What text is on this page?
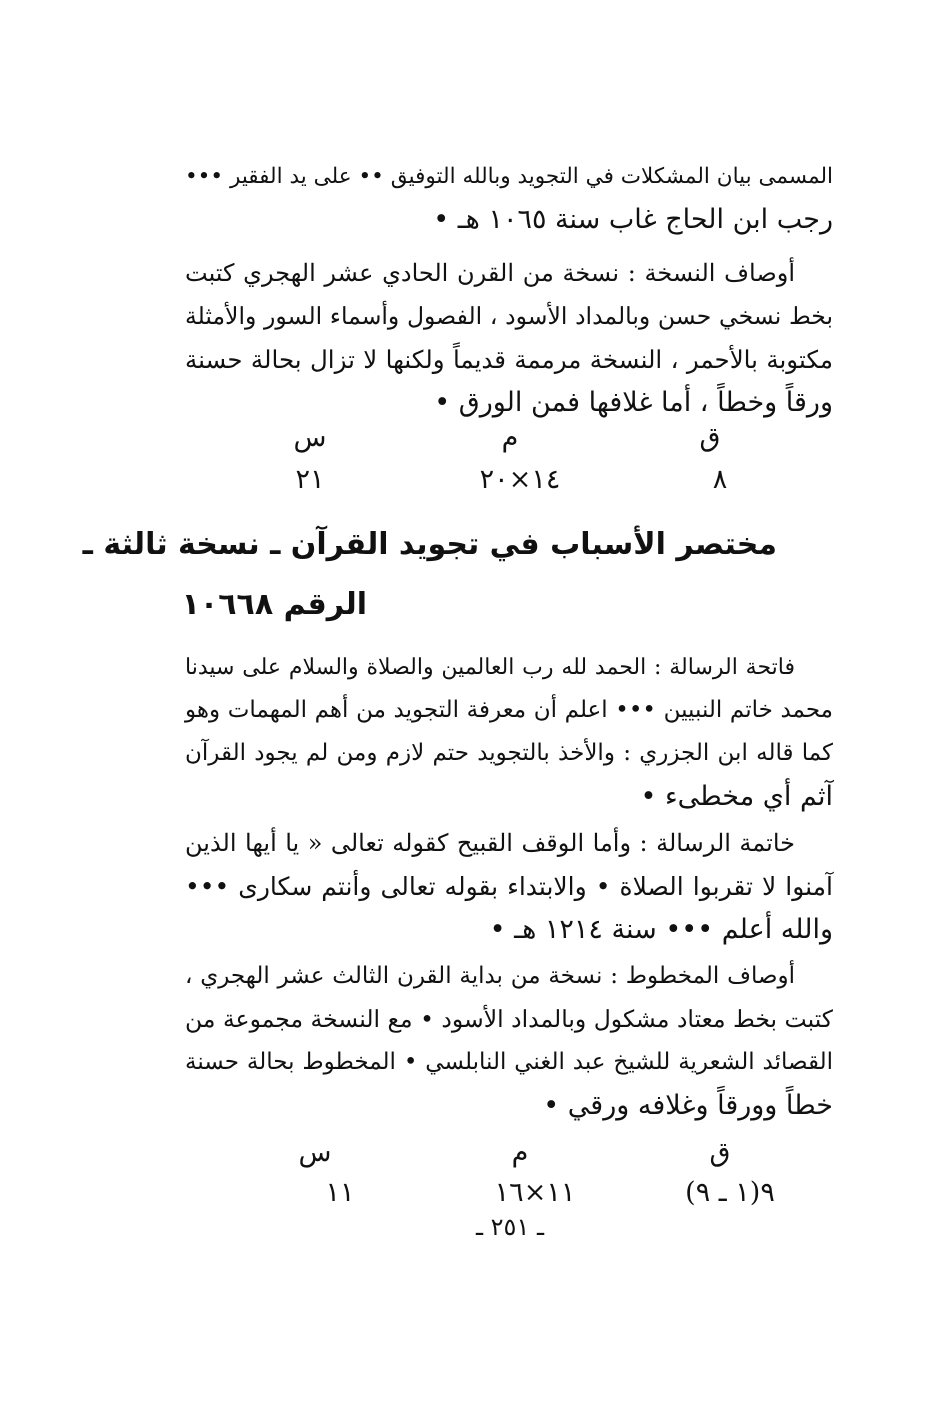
المسمى بيان المشكلات في التجويد وبالله التوفيق •• على يد الفقير •••
رجب ابن الحاج غاب سنة ١٠٦٥ هـ •
أوصاف النسخة : نسخة من القرن الحادي عشر الهجري كتبت
بخط نسخي حسن وبالمداد الأسود ، الفصول وأسماء السور والأمثلة
مكتوبة بالأحمر ، النسخة مرممة قديماً ولكنها لا تزال بحالة حسنة
ورقاً وخطاً ، أما غلافها فمن الورق •
ق
م
س
٨
١٤×٢٠
٢١
مختصر الأسباب في تجويد القرآن ـ نسخة ثالثة ـ
الرقم ١٠٦٦٨
فاتحة الرسالة : الحمد لله رب العالمين والصلاة والسلام على سيدنا
محمد خاتم النبيين ••• اعلم أن معرفة التجويد من أهم المهمات وهو
كما قاله ابن الجزري : والأخذ بالتجويد حتم لازم ومن لم يجود القرآن
آثم أي مخطىء •
خاتمة الرسالة : وأما الوقف القبيح كقوله تعالى « يا أيها الذين
آمنوا لا تقربوا الصلاة • والابتداء بقوله تعالى وأنتم سكارى •••
والله أعلم ••• سنة ١٢١٤ هـ •
أوصاف المخطوط : نسخة من بداية القرن الثالث عشر الهجري ،
كتبت بخط معتاد مشكول وبالمداد الأسود • مع النسخة مجموعة من
القصائد الشعرية للشيخ عبد الغني النابلسي • المخطوط بحالة حسنة
خطاً وورقاً وغلافه ورقي •
ق
م
س
٩(١ ـ ٩)
١١×١٦
١١
ـ ٢٥١ ـ
